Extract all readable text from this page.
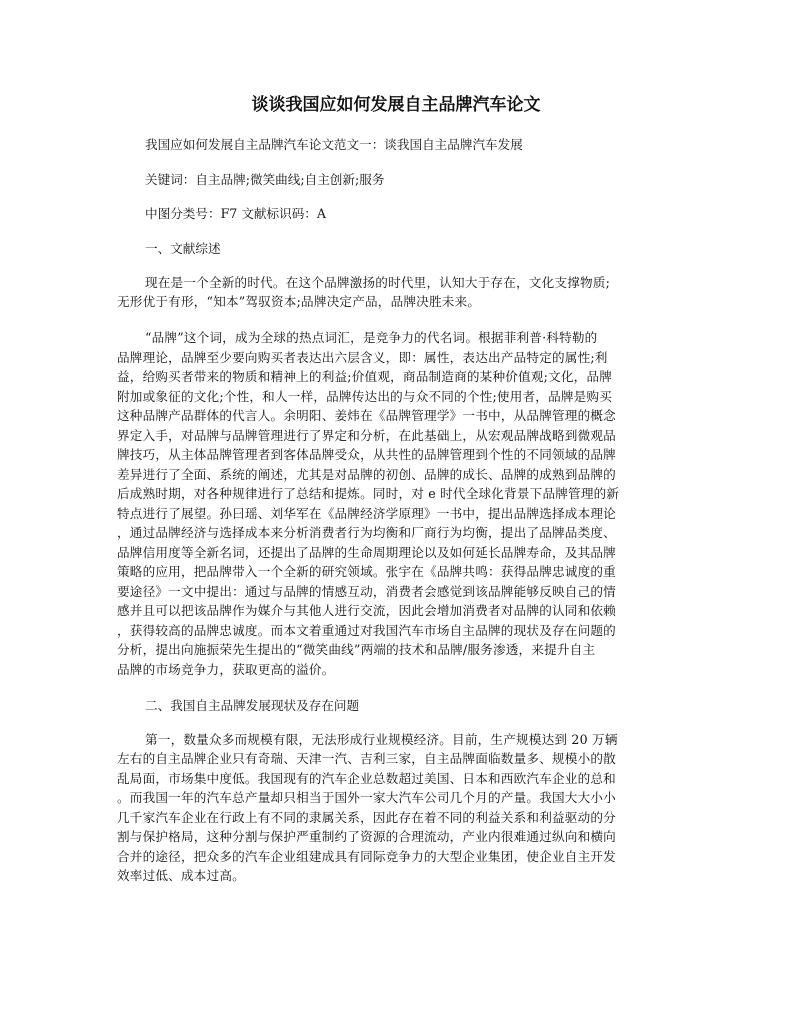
谈谈我国应如何发展自主品牌汽车论文
我国应如何发展自主品牌汽车论文范文一：谈我国自主品牌汽车发展
关键词：自主品牌;微笑曲线;自主创新;服务
中图分类号：F7 文献标识码：A
一、文献综述
现在是一个全新的时代。在这个品牌激扬的时代里，认知大于存在，文化支撑物质;
无形优于有形，“知本”驾驭资本;品牌决定产品，品牌决胜未来。
“品牌”这个词，成为全球的热点词汇，是竞争力的代名词。根据菲利普·科特勒的
品牌理论，品牌至少要向购买者表达出六层含义，即：属性，表达出产品特定的属性;利
益，给购买者带来的物质和精神上的利益;价值观，商品制造商的某种价值观;文化，品牌
附加或象征的文化;个性，和人一样，品牌传达出的与众不同的个性;使用者，品牌是购买
这种品牌产品群体的代言人。余明阳、姜炜在《品牌管理学》一书中，从品牌管理的概念
界定入手，对品牌与品牌管理进行了界定和分析，在此基础上，从宏观品牌战略到微观品
牌技巧，从主体品牌管理者到客体品牌受众，从共性的品牌管理到个性的不同领域的品牌
差异进行了全面、系统的阐述，尤其是对品牌的初创、品牌的成长、品牌的成熟到品牌的
后成熟时期，对各种规律进行了总结和提炼。同时，对 e 时代全球化背景下品牌管理的新
特点进行了展望。孙曰瑶、刘华军在《品牌经济学原理》一书中，提出品牌选择成本理论
，通过品牌经济与选择成本来分析消费者行为均衡和厂商行为均衡，提出了品牌品类度、
品牌信用度等全新名词，还提出了品牌的生命周期理论以及如何延长品牌寿命，及其品牌
策略的应用，把品牌带入一个全新的研究领域。张宇在《品牌共鸣：获得品牌忠诚度的重
要途径》一文中提出：通过与品牌的情感互动，消费者会感觉到该品牌能够反映自己的情
感并且可以把该品牌作为媒介与其他人进行交流，因此会增加消费者对品牌的认同和依赖
，获得较高的品牌忠诚度。而本文着重通过对我国汽车市场自主品牌的现状及存在问题的
分析，提出向施振荣先生提出的“微笑曲线”两端的技术和品牌/服务渗透，来提升自主
品牌的市场竞争力，获取更高的溢价。
二、我国自主品牌发展现状及存在问题
第一，数量众多而规模有限，无法形成行业规模经济。目前，生产规模达到 20 万辆
左右的自主品牌企业只有奇瑞、天津一汽、吉利三家，自主品牌面临数量多、规模小的散
乱局面，市场集中度低。我国现有的汽车企业总数超过美国、日本和西欧汽车企业的总和
。而我国一年的汽车总产量却只相当于国外一家大汽车公司几个月的产量。我国大大小小
几千家汽车企业在行政上有不同的隶属关系，因此存在着不同的利益关系和利益驱动的分
割与保护格局，这种分割与保护严重制约了资源的合理流动，产业内很难通过纵向和横向
合并的途径，把众多的汽车企业组建成具有同际竞争力的大型企业集团，使企业自主开发
效率过低、成本过高。
